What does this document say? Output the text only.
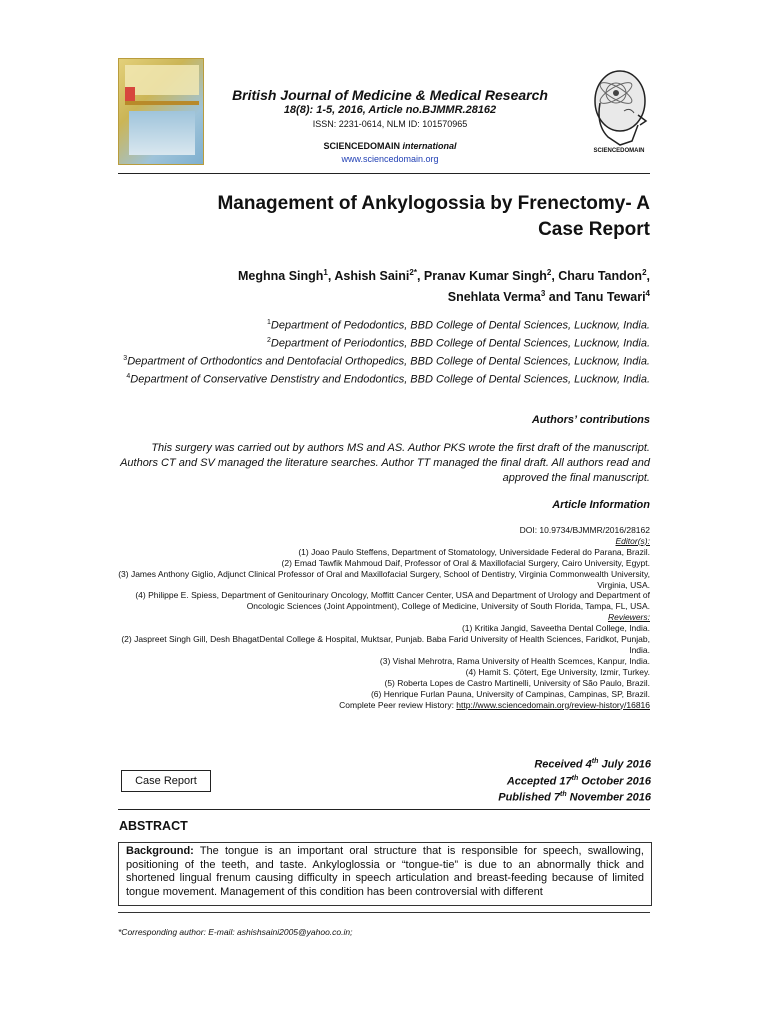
British Journal of Medicine & Medical Research
18(8): 1-5, 2016, Article no.BJMMR.28162
ISSN: 2231-0614, NLM ID: 101570965
SCIENCEDOMAIN international
www.sciencedomain.org
SCIENCEDOMAIN
Management of Ankylogossia by Frenectomy- A
Case Report
Meghna Singh$^1$, Ashish Saini$^{2*}$, Pranav Kumar Singh$^2$, Charu Tandon$^2$,
Snehlata Verma$^3$ and Tanu Tewari$^4$

$^1$Department of Pedodontics, BBD College of Dental Sciences, Lucknow, India.

$^2$Department of Periodontics, BBD College of Dental Sciences, Lucknow, India.

$^3$Department of Orthodontics and Dentofacial Orthopedics, BBD College of Dental Sciences, Lucknow, India.

$^4$Department of Conservative Denstistry and Endodontics, BBD College of Dental Sciences, Lucknow, India.

Authors’ contributions
This surgery was carried out by authors MS and AS. Author PKS wrote the first draft of the manuscript. Authors CT and SV managed the literature searches. Author TT managed the final draft. All authors read and approved the final manuscript.
Article Information
DOI: 10.9734/BJMMR/2016/28162
Editor(s):
(1) Joao Paulo Steffens, Department of Stomatology, Universidade Federal do Parana, Brazil.
(2) Emad Tawfik Mahmoud Daif, Professor of Oral & Maxillofacial Surgery, Cairo University, Egypt.
(3) James Anthony Giglio, Adjunct Clinical Professor of Oral and Maxillofacial Surgery, School of Dentistry, Virginia Commonwealth University, Virginia, USA.
(4) Philippe E. Spiess, Department of Genitourinary Oncology, Moffitt Cancer Center, USA and Department of Urology and Department of Oncologic Sciences (Joint Appointment), College of Medicine, University of South Florida, Tampa, FL, USA.
Reviewers:
(1) Kritika Jangid, Saveetha Dental College, India.
(2) Jaspreet Singh Gill, Desh BhagatDental College & Hospital, Muktsar, Punjab. Baba Farid University of Health Sciences, Faridkot, Punjab, India.
(3) Vishal Mehrotra, Rama University of Health Scemces, Kanpur, India.
(4) Hamit S. Çötert, Ege University, Izmir, Turkey.
(5) Roberta Lopes de Castro Martinelli, University of São Paulo, Brazil.
(6) Henrique Furlan Pauna, University of Campinas, Campinas, SP, Brazil.
Complete Peer review History: http://www.sciencedomain.org/review-history/16816
Received 4th July 2016
Accepted 17th October 2016
Published 7th November 2016
Case Report
ABSTRACT
Background: The tongue is an important oral structure that is responsible for speech, swallowing, positioning of the teeth, and taste. Ankyloglossia or “tongue-tie” is due to an abnormally thick and shortened lingual frenum causing difficulty in speech articulation and breast-feeding because of limited tongue movement. Management of this condition has been controversial with different
*Corresponding author: E-mail: ashishsaini2005@yahoo.co.in;
